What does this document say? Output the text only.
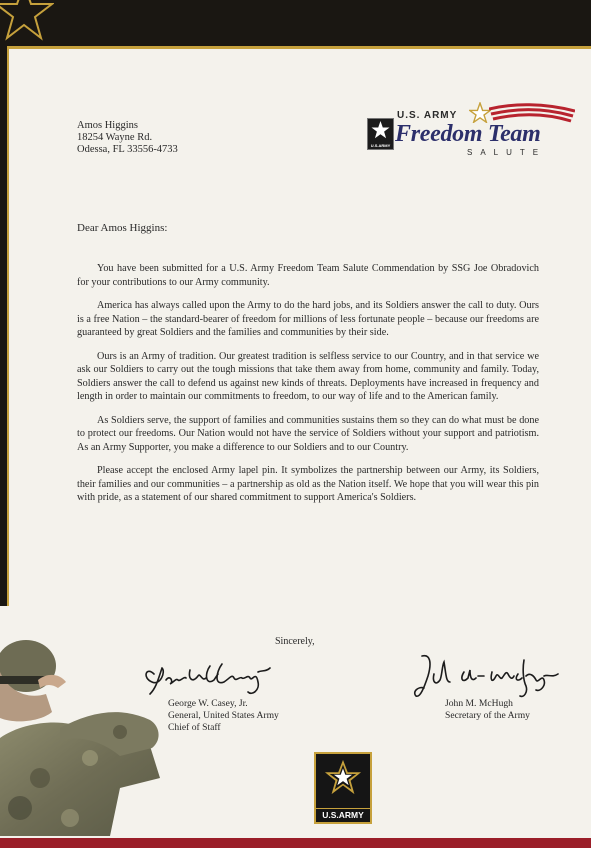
Amos Higgins
18254 Wayne Rd.
Odessa, FL 33556-4733	U.S.ARMY
U.S. ARMY
Freedom Team
SALUTE
Dear Amos Higgins:

You have been submitted for a U.S. Army Freedom Team Salute Commendation by SSG Joe Obradovich for your contributions to our Army community.

America has always called upon the Army to do the hard jobs, and its Soldiers answer the call to duty. Ours is a free Nation – the standard-bearer of freedom for millions of less fortunate people – because our freedoms are guaranteed by great Soldiers and the families and communities by their side.

Ours is an Army of tradition. Our greatest tradition is selfless service to our Country, and in that service we ask our Soldiers to carry out the tough missions that take them away from home, community and family. Today, Soldiers answer the call to defend us against new kinds of threats. Deployments have increased in frequency and length in order to maintain our commitments to freedom, to our way of life and to the American family.

As Soldiers serve, the support of families and communities sustains them so they can do what must be done to protect our freedoms. Our Nation would not have the service of Soldiers without your support and patriotism. As an Army Supporter, you make a difference to our Soldiers and to our Country.

Please accept the enclosed Army lapel pin. It symbolizes the partnership between our Army, its Soldiers, their families and our communities – a partnership as old as the Nation itself. We hope that you will wear this pin with pride, as a statement of our shared commitment to support America's Soldiers.

Sincerely,
George W. Casey, Jr.
General, United States Army
Chief of Staff
John M. McHugh
Secretary of the Army
U.S.ARMY
